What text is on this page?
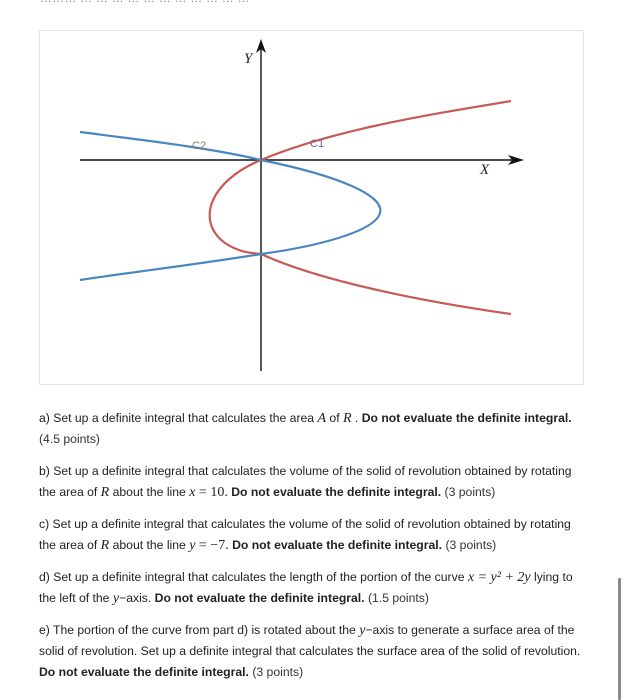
Y
X
C1
C2

a) Set up a definite integral that calculates the area A of R . Do not evaluate the definite integral.(4.5 points)

b) Set up a definite integral that calculates the volume of the solid of revolution obtained by rotating the area of R about the line x = 10. Do not evaluate the definite integral. (3 points)

c) Set up a definite integral that calculates the volume of the solid of revolution obtained by rotating the area of R about the line y = −7. Do not evaluate the definite integral. (3 points)

d) Set up a definite integral that calculates the length of the portion of the curve x = y² + 2y lying to the left of the y−axis. Do not evaluate the definite integral. (1.5 points)

e) The portion of the curve from part d) is rotated about the y−axis to generate a surface area of the solid of revolution. Set up a definite integral that calculates the surface area of the solid of revolution. Do not evaluate the definite integral. (3 points)
